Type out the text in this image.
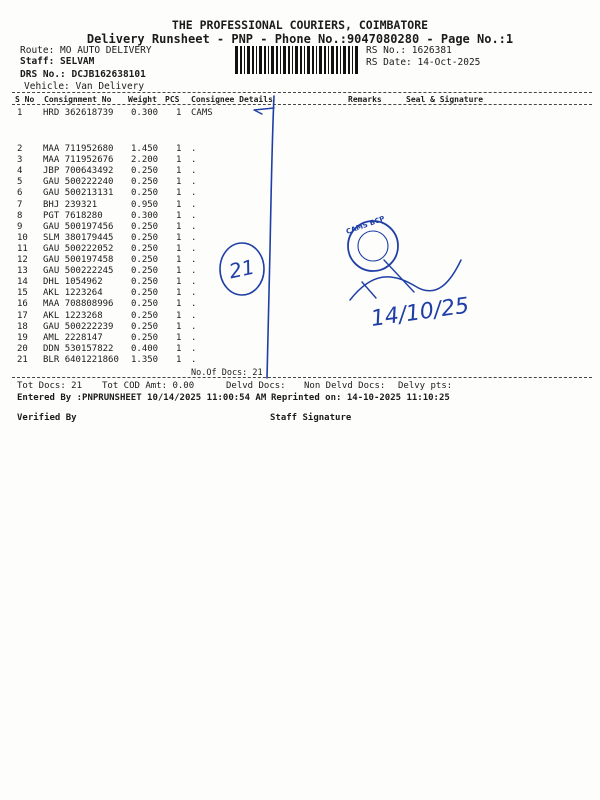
THE PROFESSIONAL COURIERS, COIMBATORE
Delivery Runsheet - PNP - Phone No.:9047080280 - Page No.:1
Route: MO AUTO DELIVERY
Staff: SELVAM
DRS No.: DCJB162638101
Vehicle: Van Delivery
RS No.: 1626381
RS Date: 14-Oct-2025
S No Consignment No Weight PCS Consignee Details	Remarks	Seal & Signature
1 HRD 362618739 0.300 1 CAMS
2 MAA 711952680 1.450 1 .
3 MAA 711952676 2.200 1 .
4 JBP 700643492 0.250 1 .
5 GAU 500222240 0.250 1 .
6 GAU 500213131 0.250 1 .
7 BHJ 239321	0.950 1 .
8 PGT 7618280	0.300 1 .
9 GAU 500197456 0.250 1 .
10 SLM 380179445 0.250 1 .
11 GAU 500222052 0.250 1 .
12 GAU 500197458 0.250 1 .
13 GAU 500222245 0.250 1 .
14 DHL 1054962	0.250 1 .
15 AKL 1223264	0.250 1 .
16 MAA 708808996 0.250 1 .
17 AKL 1223268	0.250 1 .
18 GAU 500222239 0.250 1 .
19 AML 2228147	0.250 1 .
20 DDN 530157822 0.400 1 .
21 BLR 6401221860 1.350 1 .
No.Of Docs: 21
Tot Docs: 21 Tot COD Amt: 0.00	Delvd Docs: Non Delvd Docs: Delvy pts:
Entered By :PNPRUNSHEET 10/14/2025 11:00:54 AM Reprinted on: 14-10-2025 11:10:25
Verified By	Staff Signature
21
CAMS BCP
14/10/25
